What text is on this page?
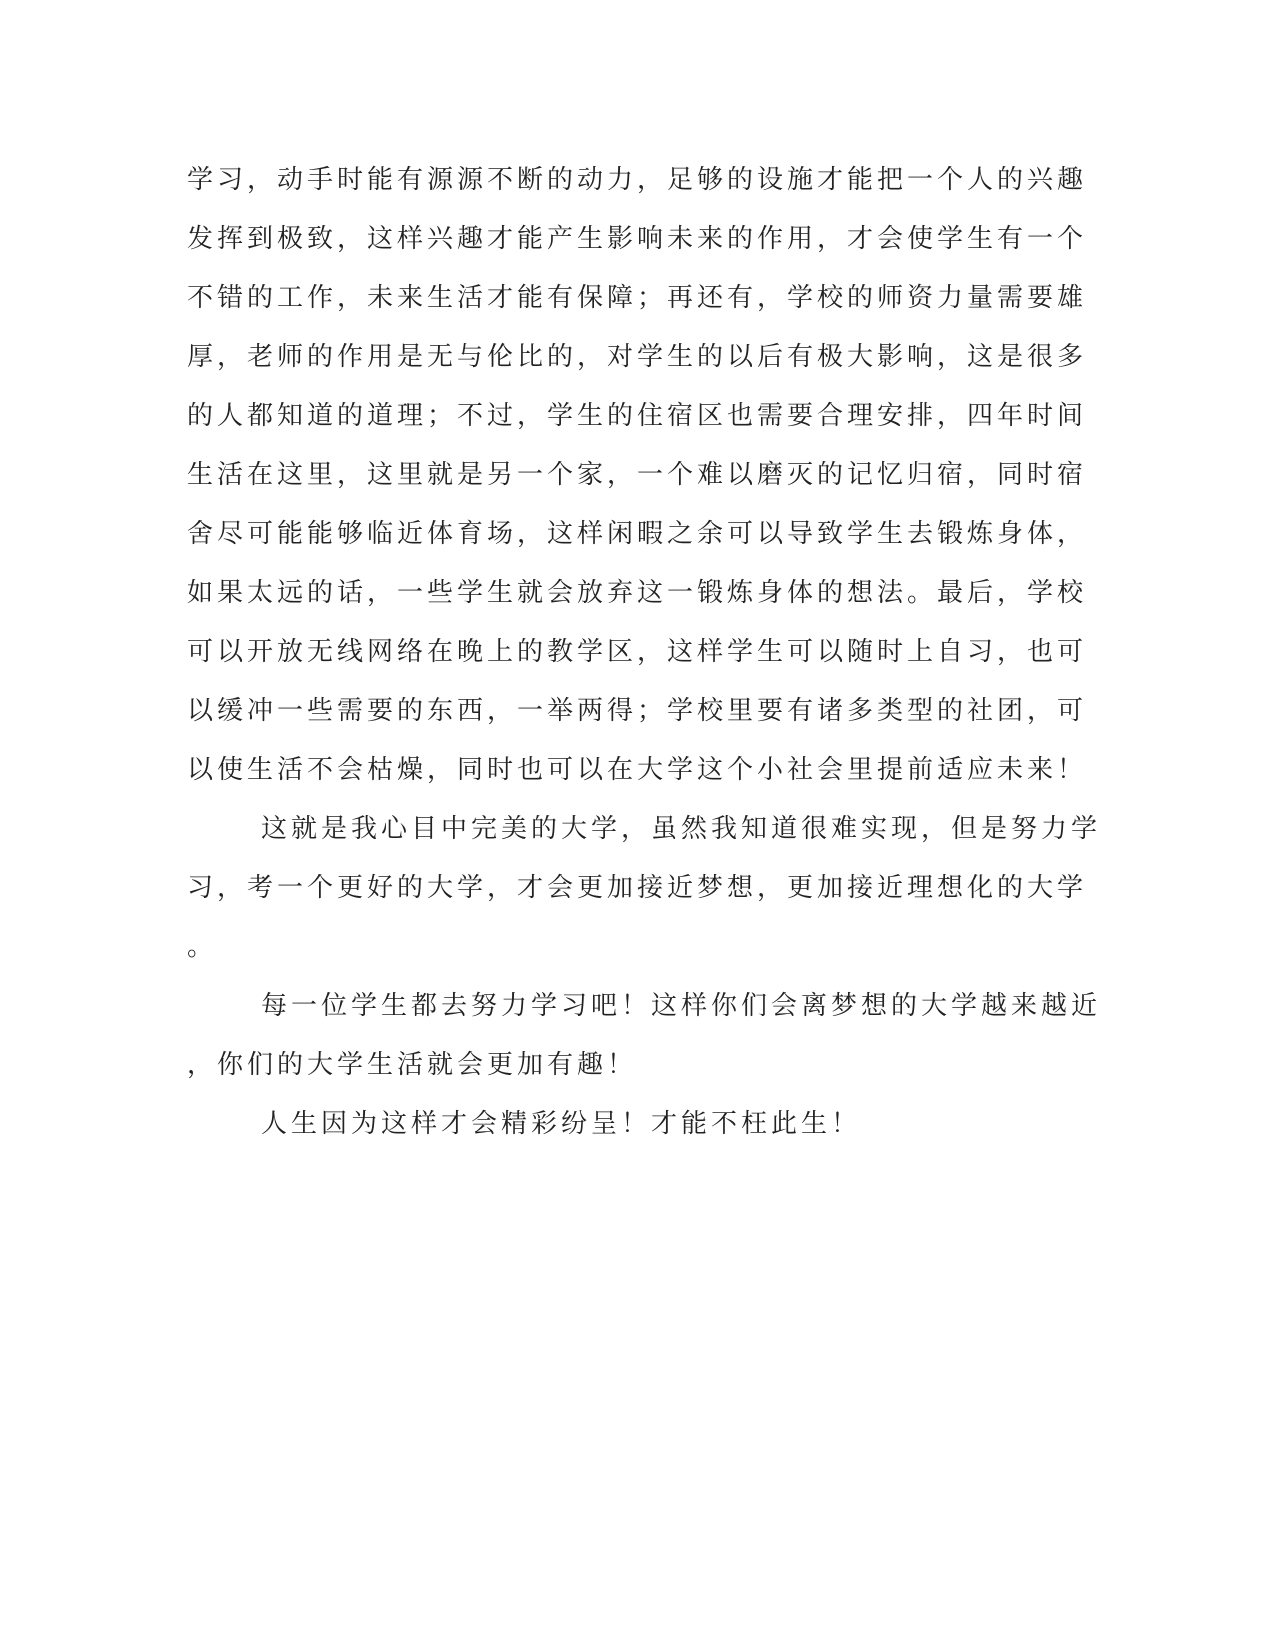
学习，动手时能有源源不断的动力，足够的设施才能把一个人的兴趣
发挥到极致，这样兴趣才能产生影响未来的作用，才会使学生有一个
不错的工作，未来生活才能有保障；再还有，学校的师资力量需要雄
厚，老师的作用是无与伦比的，对学生的以后有极大影响，这是很多
的人都知道的道理；不过，学生的住宿区也需要合理安排，四年时间
生活在这里，这里就是另一个家，一个难以磨灭的记忆归宿，同时宿
舍尽可能能够临近体育场，这样闲暇之余可以导致学生去锻炼身体，
如果太远的话，一些学生就会放弃这一锻炼身体的想法。最后，学校
可以开放无线网络在晚上的教学区，这样学生可以随时上自习，也可
以缓冲一些需要的东西，一举两得；学校里要有诸多类型的社团，可
以使生活不会枯燥，同时也可以在大学这个小社会里提前适应未来！
这就是我心目中完美的大学，虽然我知道很难实现，但是努力学
习，考一个更好的大学，才会更加接近梦想，更加接近理想化的大学
。
每一位学生都去努力学习吧！这样你们会离梦想的大学越来越近
，你们的大学生活就会更加有趣！
人生因为这样才会精彩纷呈！才能不枉此生！
